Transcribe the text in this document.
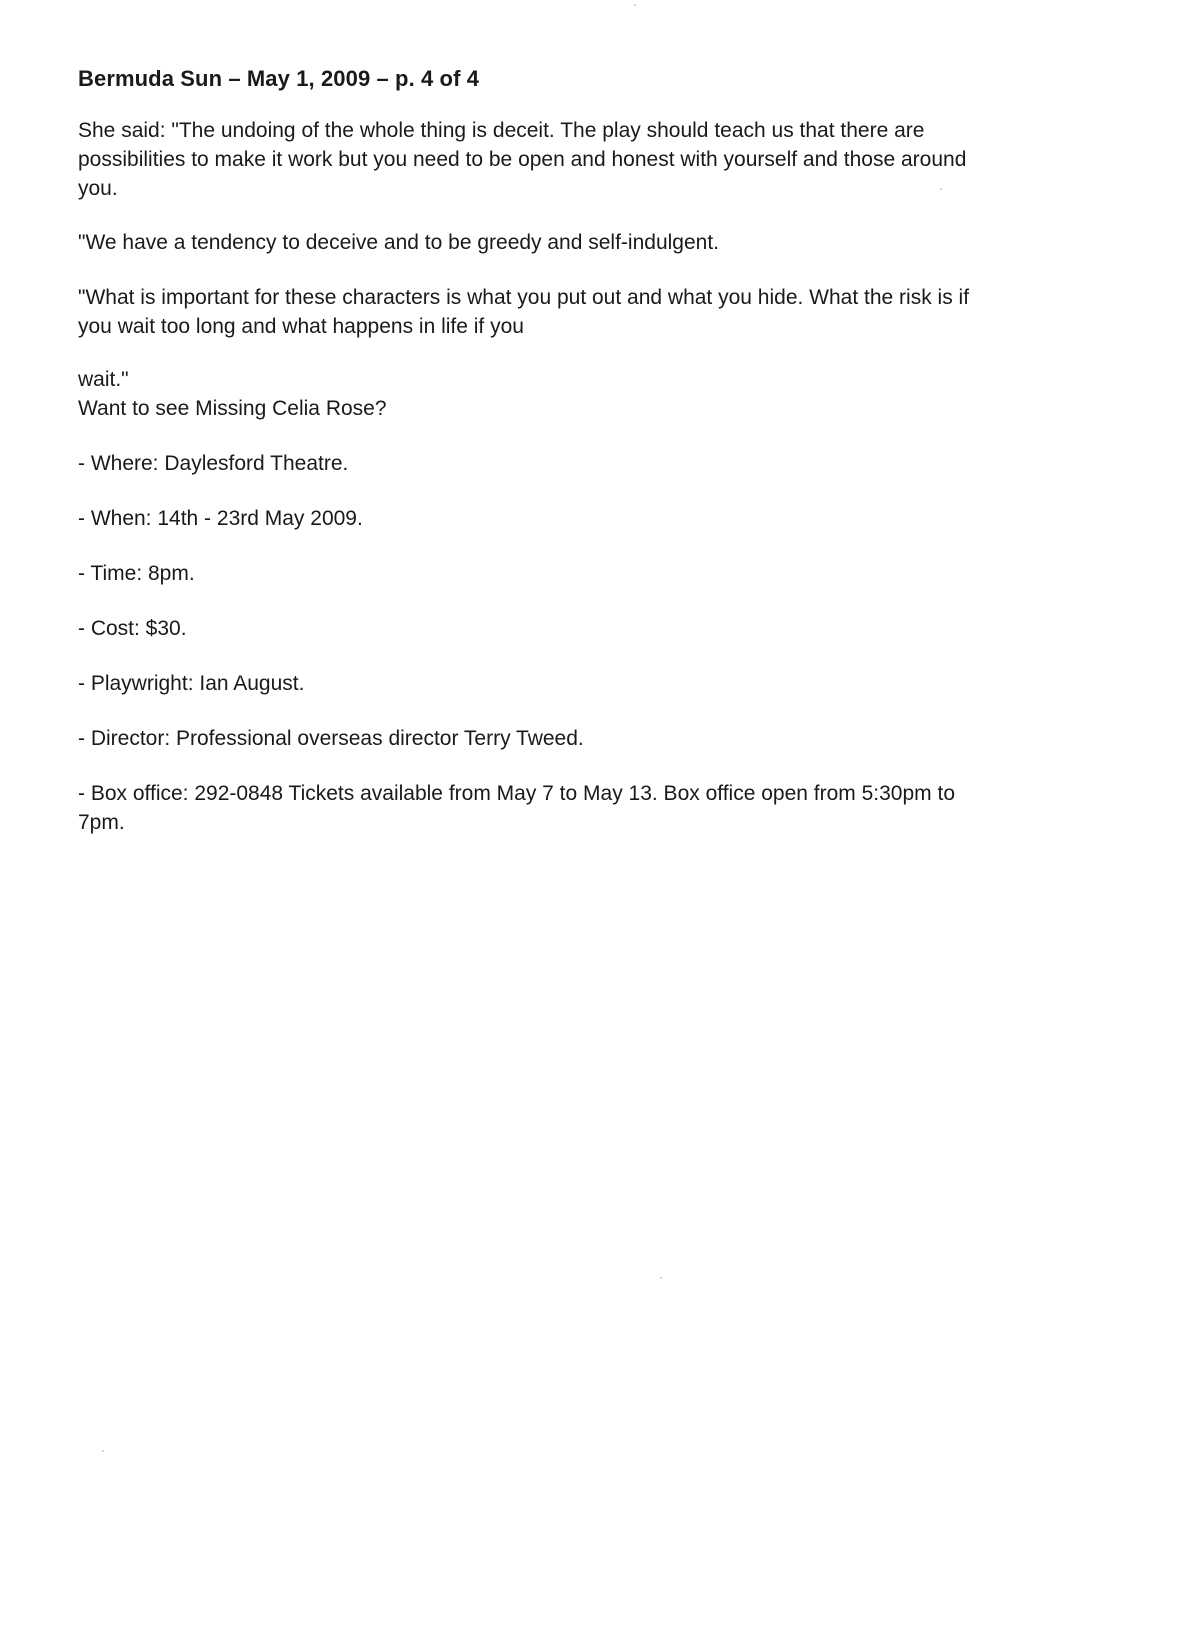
Bermuda Sun – May 1, 2009 – p. 4 of 4
She said: "The undoing of the whole thing is deceit. The play should teach us that there are
possibilities to make it work but you need to be open and honest with yourself and those around
you.
"We have a tendency to deceive and to be greedy and self-indulgent.
"What is important for these characters is what you put out and what you hide. What the risk is if
you wait too long and what happens in life if you
wait."
Want to see Missing Celia Rose?
- Where: Daylesford Theatre.
- When: 14th - 23rd May 2009.
- Time: 8pm.
- Cost: $30.
- Playwright: Ian August.
- Director: Professional overseas director Terry Tweed.
- Box office: 292-0848 Tickets available from May 7 to May 13. Box office open from 5:30pm to
7pm.
